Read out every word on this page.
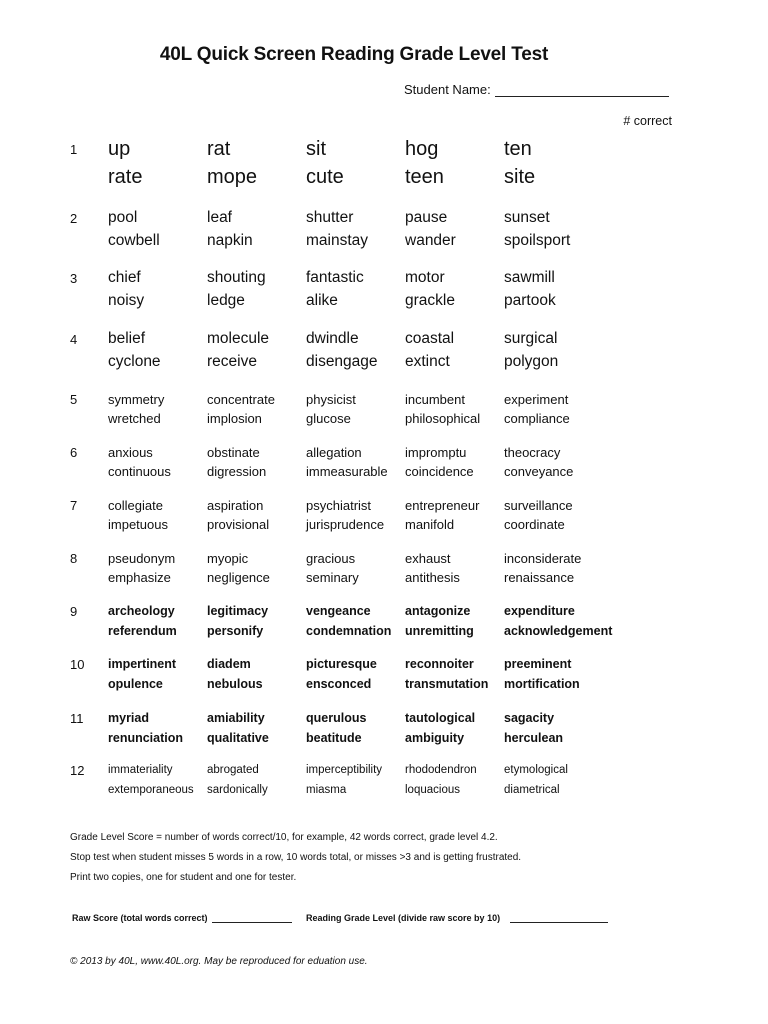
40L Quick Screen Reading Grade Level Test
Student Name:
# correct
1 up
rate
rat
mope
sit
cute
hog
teen
ten
site
2 pool
cowbell
leaf
napkin
shutter
mainstay
pause
wander
sunset
spoilsport
3 chief
noisy
shouting
ledge
fantastic
alike
motor
grackle
sawmill
partook
4 belief
cyclone
molecule
receive
dwindle
disengage
coastal
extinct
surgical
polygon
5 symmetry
wretched
concentrate
implosion
physicist
glucose
incumbent
philosophical
experiment
compliance
6 anxious
continuous
obstinate
digression
allegation
immeasurable
impromptu
coincidence
theocracy
conveyance
7 collegiate
impetuous
aspiration
provisional
psychiatrist
jurisprudence
entrepreneur
manifold
surveillance
coordinate
8 pseudonym
emphasize
myopic
negligence
gracious
seminary
exhaust
antithesis
inconsiderate
renaissance
9 archeology
referendum
legitimacy
personify
vengeance
condemnation
antagonize
unremitting
expenditure
acknowledgement
10 impertinent
opulence
diadem
nebulous
picturesque
ensconced
reconnoiter
transmutation
preeminent
mortification
11 myriad
renunciation
amiability
qualitative
querulous
beatitude
tautological
ambiguity
sagacity
herculean
12 immateriality
extemporaneous
abrogated
sardonically
imperceptibility
miasma
rhododendron
loquacious
etymological
diametrical
Grade Level Score = number of words correct/10, for example, 42 words correct, grade level 4.2.
Stop test when student misses 5 words in a row, 10 words total, or misses >3 and is getting frustrated.
Print two copies, one for student and one for tester.
Raw Score (total words correct)	Reading Grade Level (divide raw score by 10)
© 2013 by 40L, www.40L.org. May be reproduced for eduation use.
